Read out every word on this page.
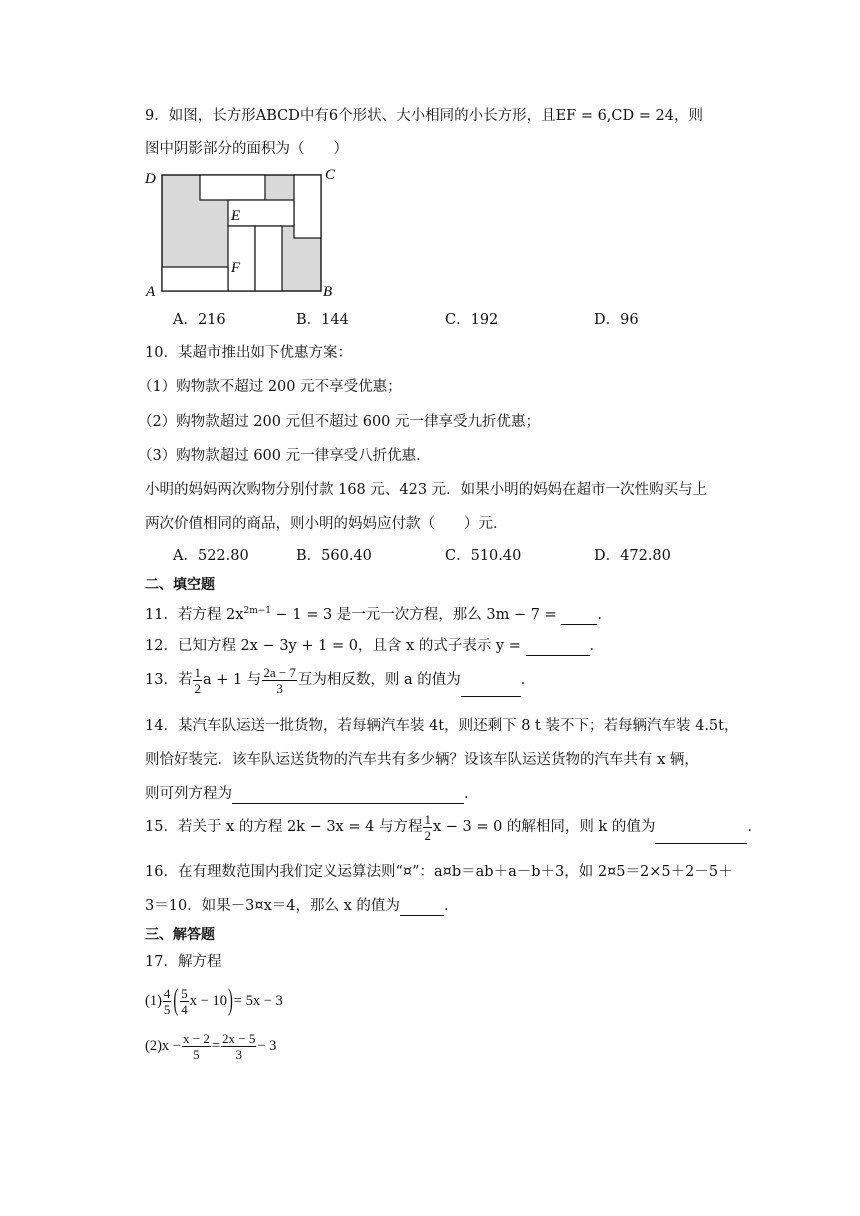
9．如图，长方形ABCD中有6个形状、大小相同的小长方形，且EF = 6,CD = 24，则
图中阴影部分的面积为（　　）
D	C
A	B
E
F
A．216	B．144	C．192	D．96
10．某超市推出如下优惠方案：
（1）购物款不超过 200 元不享受优惠；
（2）购物款超过 200 元但不超过 600 元一律享受九折优惠；
（3）购物款超过 600 元一律享受八折优惠．
小明的妈妈两次购物分别付款 168 元、423 元．如果小明的妈妈在超市一次性购买与上
两次价值相同的商品，则小明的妈妈应付款（　　）元．
A．522.80	B．560.40	C．510.40	D．472.80
二、填空题
11．若方程 $2x^{2m-1} - 1 = 3$ 是一元一次方程，那么 3m − 7 = ．
12．已知方程 2x − 3y + 1 = 0，且含 x 的式子表示 y =	．
13．若 $\frac{1}{2}$ a + 1 与 $\frac{2a - 7}{3}$ 互为相反数，则 a 的值为	．
14．某汽车队运送一批货物，若每辆汽车装 4t，则还剩下 8 t 装不下；若每辆汽车装 4.5t，
则恰好装完．该车队运送货物的汽车共有多少辆？设该车队运送货物的汽车共有 x 辆，
则可列方程为	．
15．若关于 x 的方程 2k − 3x = 4 与方程 $\frac{1}{2}$ x − 3 = 0 的解相同，则 k 的值为	．
16．在有理数范围内我们定义运算法则“¤”：a¤b＝ab＋a－b＋3，如 2¤5＝2×5＋2－5＋
3＝10．如果－3¤x＝4，那么 x 的值为	．
三、解答题
17．解方程
$(1) \frac{4}{5}$ ( $\frac{5}{4}$ x − 10)= 5x − 3
$(2)x - \frac{x - 2}{5} = \frac{2x - 5}{3} - 3$
